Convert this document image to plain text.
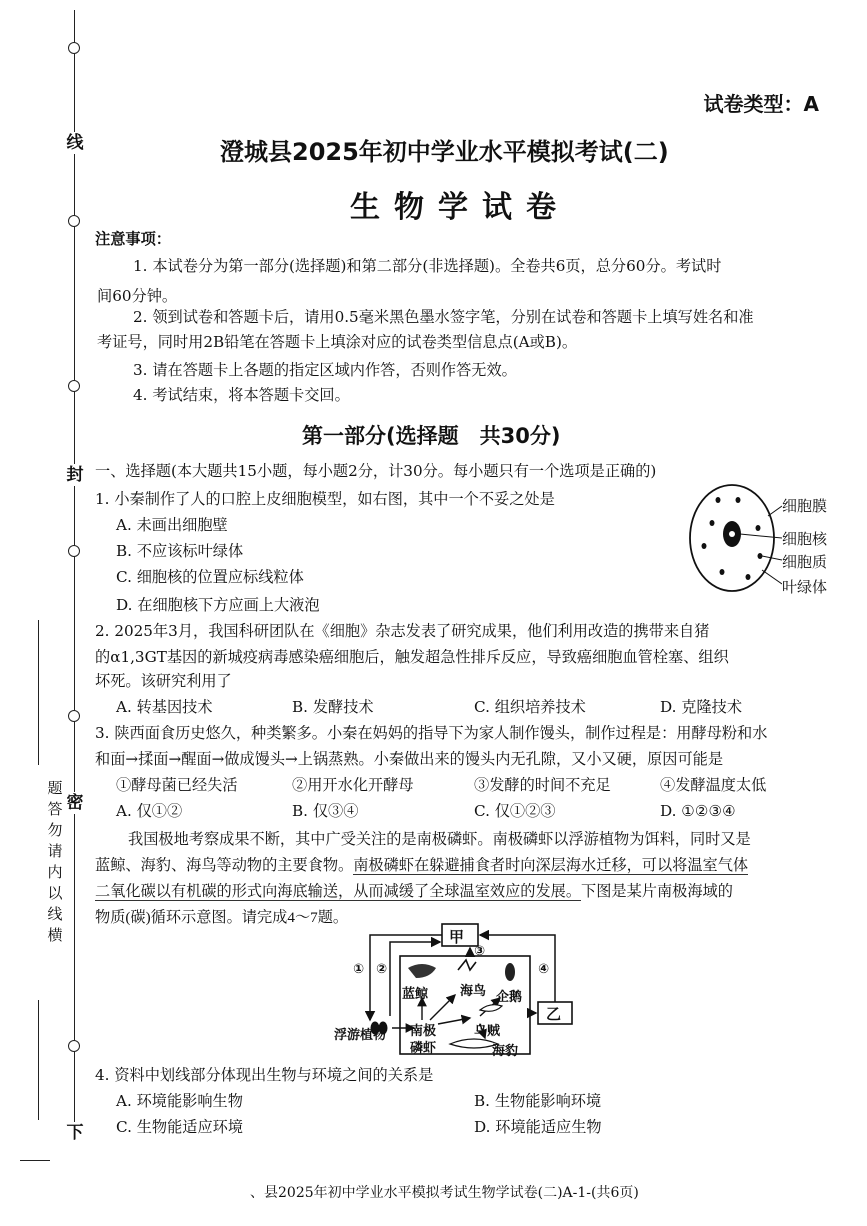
线
封
密
下
题
答
勿
请
内
以
线
横
试卷类型：A
澄城县2025年初中学业水平模拟考试(二)
生物学试卷
注意事项：
1. 本试卷分为第一部分(选择题)和第二部分(非选择题)。全卷共6页，总分60分。考试时
间60分钟。
2. 领到试卷和答题卡后，请用0.5毫米黑色墨水签字笔，分别在试卷和答题卡上填写姓名和准
考证号，同时用2B铅笔在答题卡上填涂对应的试卷类型信息点(A或B)。
3. 请在答题卡上各题的指定区域内作答，否则作答无效。
4. 考试结束，将本答题卡交回。
第一部分(选择题　共30分)
一、选择题(本大题共15小题，每小题2分，计30分。每小题只有一个选项是正确的)
1. 小秦制作了人的口腔上皮细胞模型，如右图，其中一个不妥之处是
A. 未画出细胞壁
B. 不应该标叶绿体
C. 细胞核的位置应标线粒体
D. 在细胞核下方应画上大液泡
细胞膜
细胞核
细胞质
叶绿体
2. 2025年3月，我国科研团队在《细胞》杂志发表了研究成果，他们利用改造的携带来自猪
的α1,3GT基因的新城疫病毒感染癌细胞后，触发超急性排斥反应，导致癌细胞血管栓塞、组织
坏死。该研究利用了
A. 转基因技术	B. 发酵技术	C. 组织培养技术	D. 克隆技术
3. 陕西面食历史悠久，种类繁多。小秦在妈妈的指导下为家人制作馒头，制作过程是：用酵母粉和水
和面→揉面→醒面→做成馒头→上锅蒸熟。小秦做出来的馒头内无孔隙，又小又硬，原因可能是
①酵母菌已经失活	②用开水化开酵母	③发酵的时间不充足	④发酵温度太低
A. 仅①②	B. 仅③④	C. 仅①②③	D. ①②③④
我国极地考察成果不断，其中广受关注的是南极磷虾。南极磷虾以浮游植物为饵料，同时又是
蓝鲸、海豹、海鸟等动物的主要食物。南极磷虾在躲避捕食者时向深层海水迁移，可以将温室气体
二氧化碳以有机碳的形式向海底输送，从而减缓了全球温室效应的发展。下图是某片南极海域的
物质(碳)循环示意图。请完成4～7题。
甲
乙
① ②
③
④
蓝鲸 海鸟 企鹅
浮游植物 南极
磷虾
乌贼
海豹
4. 资料中划线部分体现出生物与环境之间的关系是
A. 环境能影响生物	B. 生物能影响环境
C. 生物能适应环境	D. 环境能适应生物
、县2025年初中学业水平模拟考试生物学试卷(二)A-1-(共6页)
